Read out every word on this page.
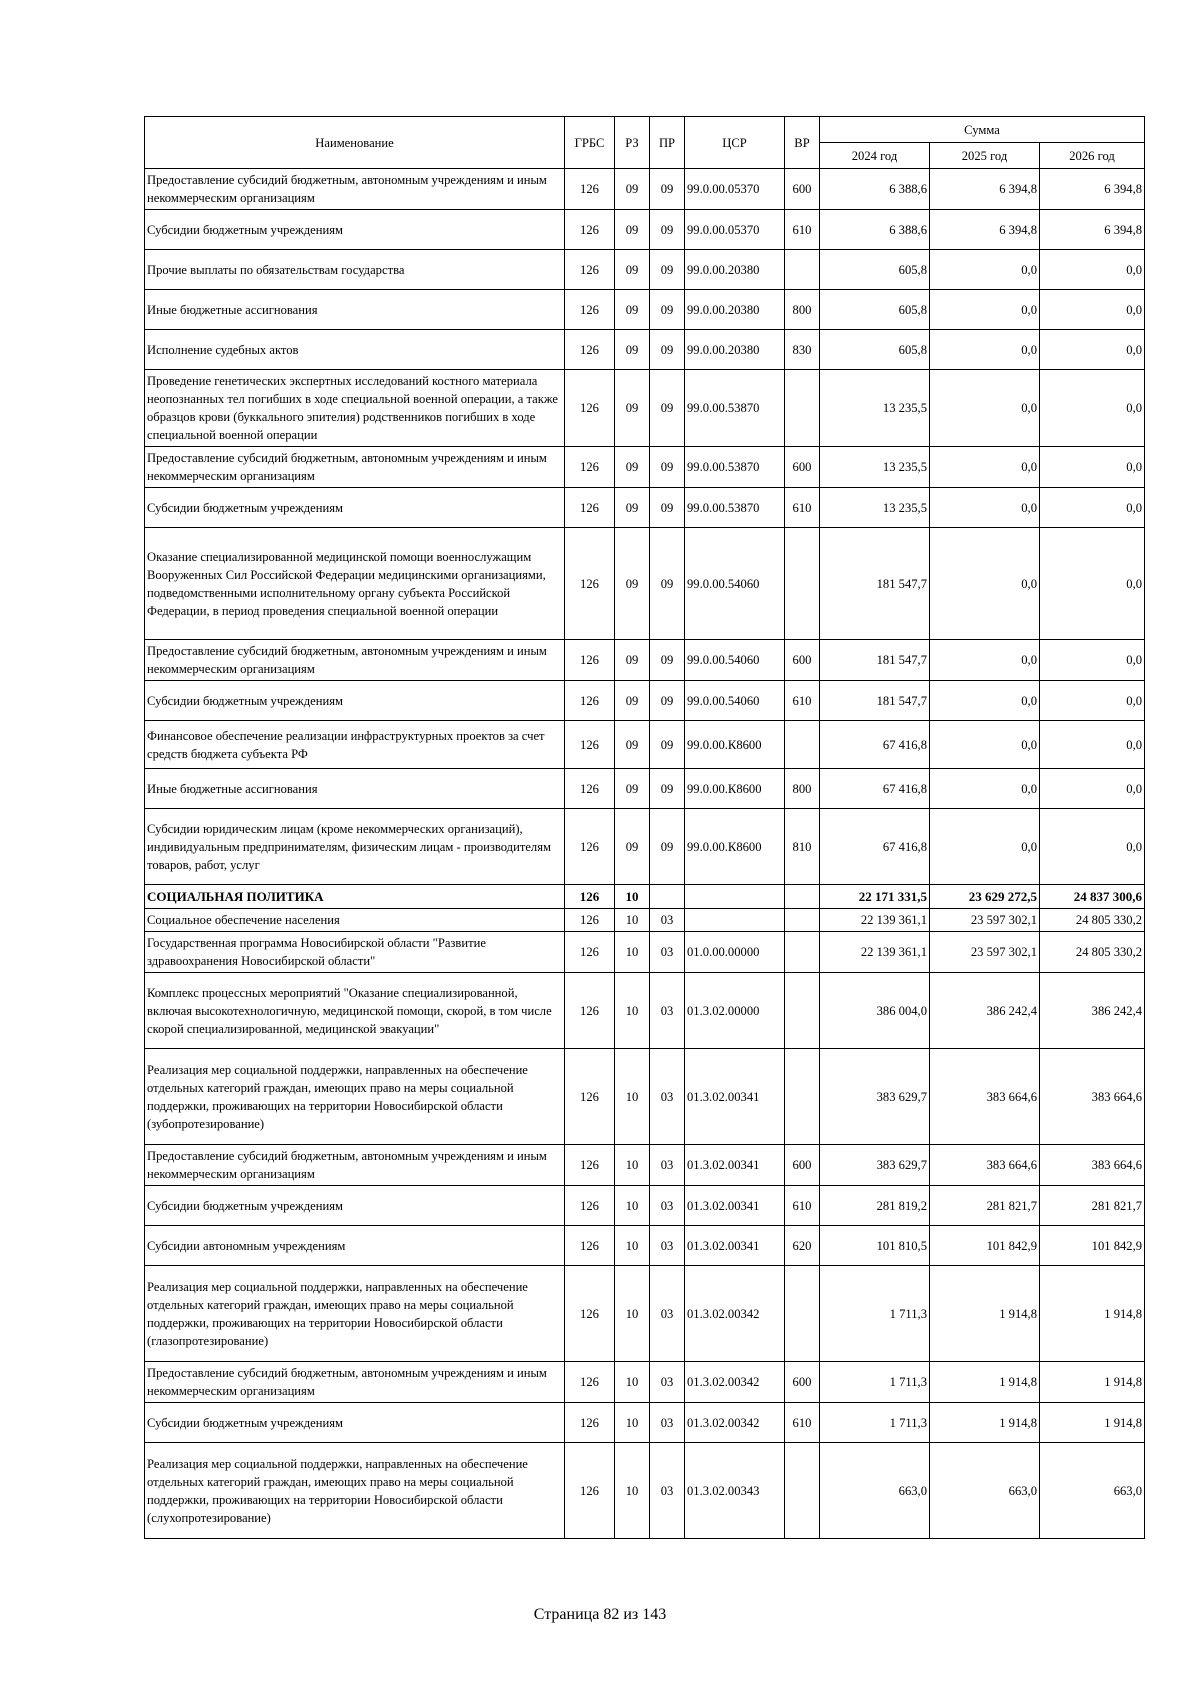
Наименование	ГРБС	РЗ	ПР	ЦСР	ВР	Сумма		
						2024 год	2025 год	2026 год
Предоставление субсидий бюджетным, автономным учреждениям и иным некоммерческим организациям	126	09	09	99.0.00.05370	600	6 388,6	6 394,8	6 394,8
Субсидии бюджетным учреждениям	126	09	09	99.0.00.05370	610	6 388,6	6 394,8	6 394,8
Прочие выплаты по обязательствам государства	126	09	09	99.0.00.20380		605,8	0,0	0,0
Иные бюджетные ассигнования	126	09	09	99.0.00.20380	800	605,8	0,0	0,0
Исполнение судебных актов	126	09	09	99.0.00.20380	830	605,8	0,0	0,0
Проведение генетических экспертных исследований костного материала неопознанных тел погибших в ходе специальной военной операции, а также образцов крови (буккального эпителия) родственников погибших в ходе специальной военной операции	126	09	09	99.0.00.53870		13 235,5	0,0	0,0
Предоставление субсидий бюджетным, автономным учреждениям и иным некоммерческим организациям	126	09	09	99.0.00.53870	600	13 235,5	0,0	0,0
Субсидии бюджетным учреждениям	126	09	09	99.0.00.53870	610	13 235,5	0,0	0,0
Оказание специализированной медицинской помощи военнослужащим Вооруженных Сил Российской Федерации медицинскими организациями, подведомственными исполнительному органу субъекта Российской Федерации, в период проведения специальной военной операции	126	09	09	99.0.00.54060		181 547,7	0,0	0,0
Предоставление субсидий бюджетным, автономным учреждениям и иным некоммерческим организациям	126	09	09	99.0.00.54060	600	181 547,7	0,0	0,0
Субсидии бюджетным учреждениям	126	09	09	99.0.00.54060	610	181 547,7	0,0	0,0
Финансовое обеспечение реализации инфраструктурных проектов за счет средств бюджета субъекта РФ	126	09	09	99.0.00.К8600		67 416,8	0,0	0,0
Иные бюджетные ассигнования	126	09	09	99.0.00.К8600	800	67 416,8	0,0	0,0
Субсидии юридическим лицам (кроме некоммерческих организаций), индивидуальным предпринимателям, физическим лицам - производителям товаров, работ, услуг	126	09	09	99.0.00.К8600	810	67 416,8	0,0	0,0
СОЦИАЛЬНАЯ ПОЛИТИКА	126	10				22 171 331,5	23 629 272,5	24 837 300,6
Социальное обеспечение населения	126	10	03			22 139 361,1	23 597 302,1	24 805 330,2
Государственная программа Новосибирской области "Развитие здравоохранения Новосибирской области"	126	10	03	01.0.00.00000		22 139 361,1	23 597 302,1	24 805 330,2
Комплекс процессных мероприятий "Оказание специализированной, включая высокотехнологичную, медицинской помощи, скорой, в том числе скорой специализированной, медицинской эвакуации"	126	10	03	01.3.02.00000		386 004,0	386 242,4	386 242,4
Реализация мер социальной поддержки, направленных на обеспечение отдельных категорий граждан, имеющих право на меры социальной поддержки, проживающих на территории Новосибирской области (зубопротезирование)	126	10	03	01.3.02.00341		383 629,7	383 664,6	383 664,6
Предоставление субсидий бюджетным, автономным учреждениям и иным некоммерческим организациям	126	10	03	01.3.02.00341	600	383 629,7	383 664,6	383 664,6
Субсидии бюджетным учреждениям	126	10	03	01.3.02.00341	610	281 819,2	281 821,7	281 821,7
Субсидии автономным учреждениям	126	10	03	01.3.02.00341	620	101 810,5	101 842,9	101 842,9
Реализация мер социальной поддержки, направленных на обеспечение отдельных категорий граждан, имеющих право на меры социальной поддержки, проживающих на территории Новосибирской области (глазопротезирование)	126	10	03	01.3.02.00342		1 711,3	1 914,8	1 914,8
Предоставление субсидий бюджетным, автономным учреждениям и иным некоммерческим организациям	126	10	03	01.3.02.00342	600	1 711,3	1 914,8	1 914,8
Субсидии бюджетным учреждениям	126	10	03	01.3.02.00342	610	1 711,3	1 914,8	1 914,8
Реализация мер социальной поддержки, направленных на обеспечение отдельных категорий граждан, имеющих право на меры социальной поддержки, проживающих на территории Новосибирской области (слухопротезирование)	126	10	03	01.3.02.00343		663,0	663,0	663,0
Страница 82 из 143
